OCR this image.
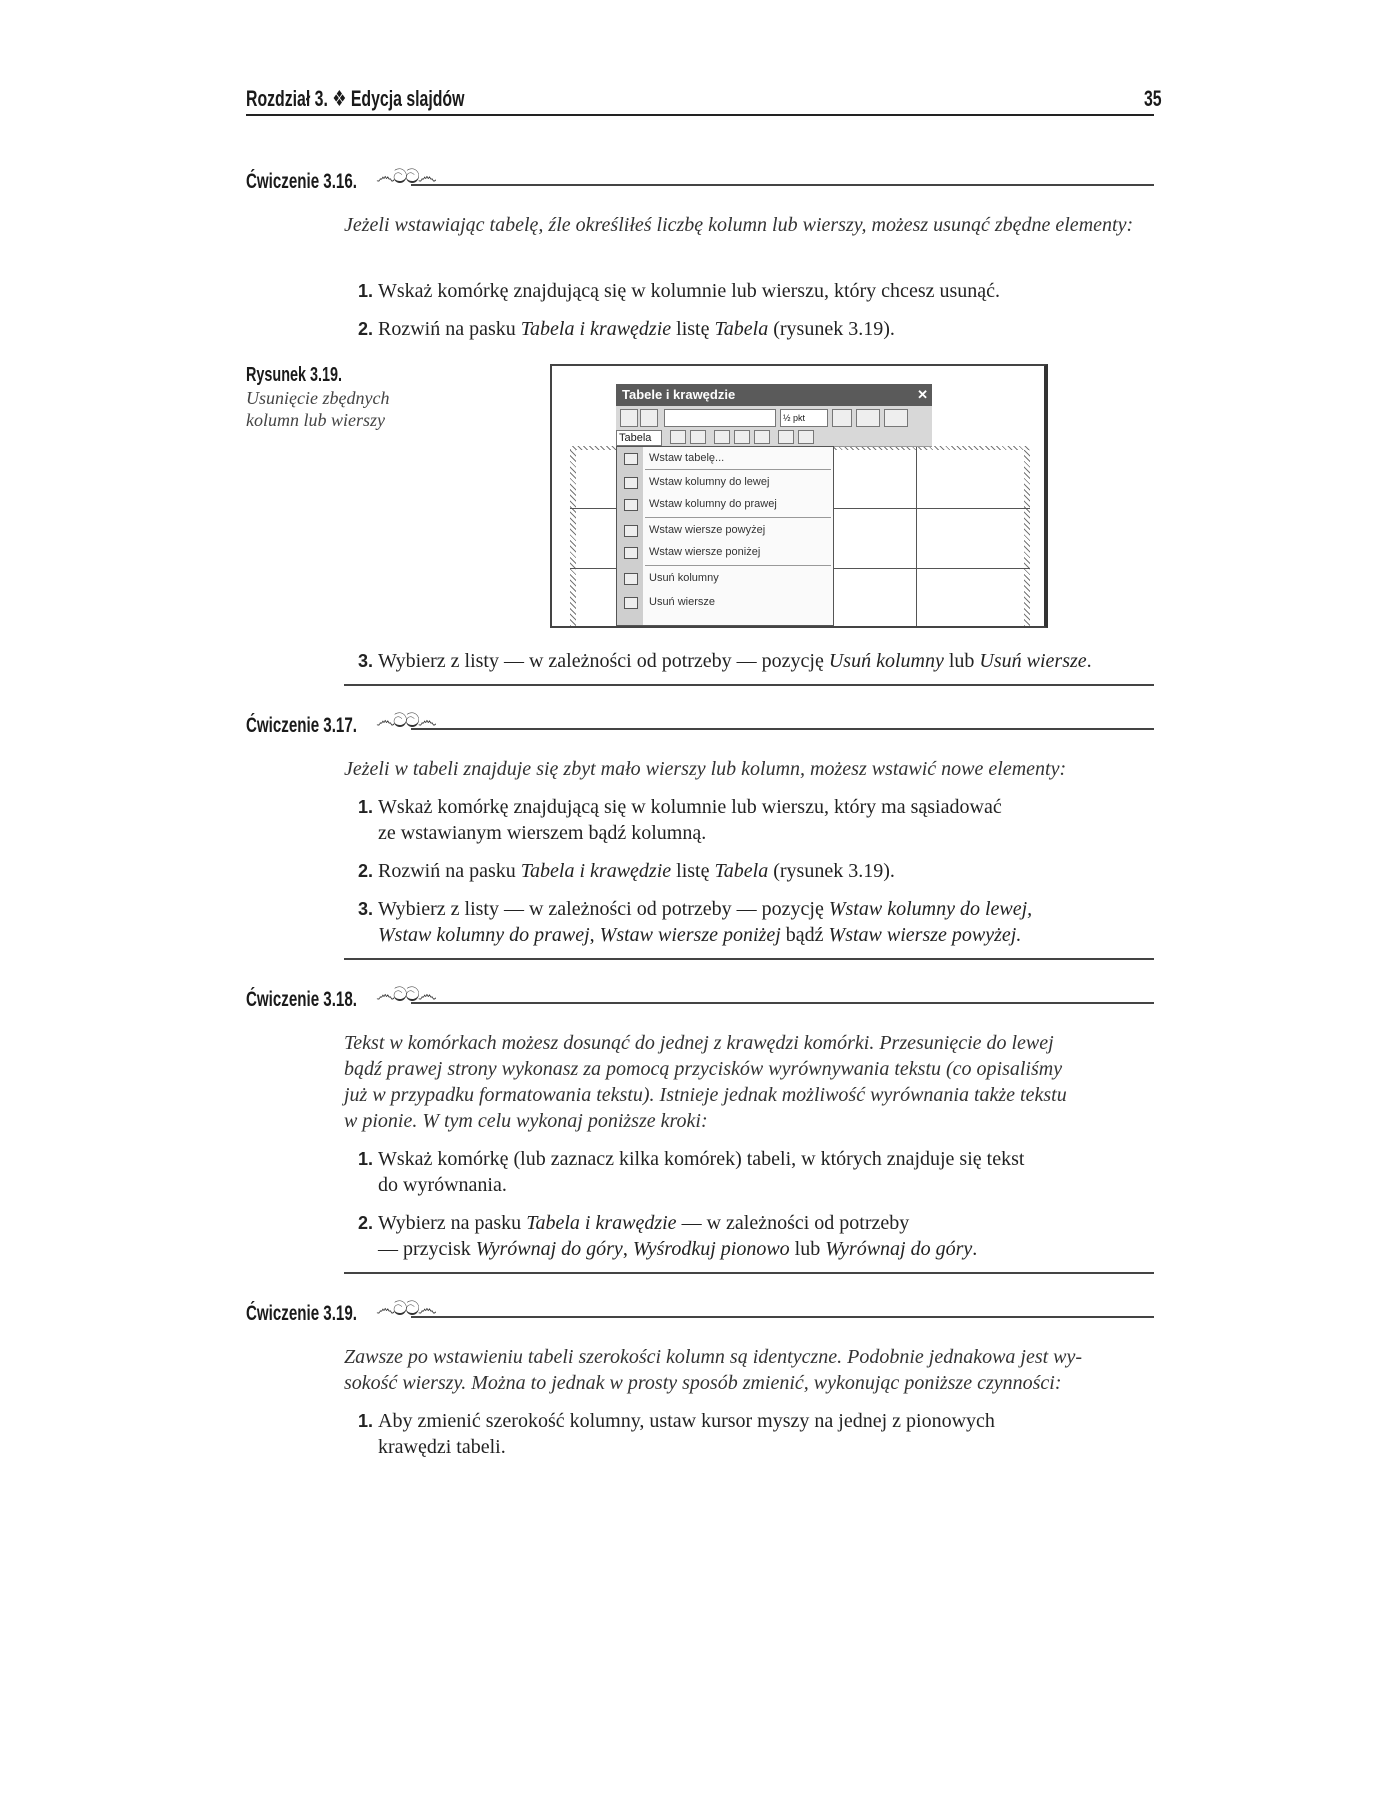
Rozdział 3. ❖ Edycja slajdów	35
Ćwiczenie 3.16. ෴ටට෴
Jeżeli wstawiając tabelę, źle określiłeś liczbę kolumn lub wierszy, możesz usunąć zbędne elementy:
1. Wskaż komórkę znajdującą się w kolumnie lub wierszu, który chcesz usunąć.
2. Rozwiń na pasku Tabela i krawędzie listę Tabela (rysunek 3.19).
Rysunek 3.19.
Usunięcie zbędnych
kolumn lub wierszy
Tabele i krawędzie	✕
½ pkt
Tabela
Wstaw tabelę...
Wstaw kolumny do lewej
Wstaw kolumny do prawej
Wstaw wiersze powyżej
Wstaw wiersze poniżej
Usuń kolumny
Usuń wiersze
3. Wybierz z listy — w zależności od potrzeby — pozycję Usuń kolumny lub Usuń wiersze.
Ćwiczenie 3.17. ෴ටට෴
Jeżeli w tabeli znajduje się zbyt mało wierszy lub kolumn, możesz wstawić nowe elementy:
1. Wskaż komórkę znajdującą się w kolumnie lub wierszu, który ma sąsiadować
ze wstawianym wierszem bądź kolumną.
2. Rozwiń na pasku Tabela i krawędzie listę Tabela (rysunek 3.19).
3. Wybierz z listy — w zależności od potrzeby — pozycję Wstaw kolumny do lewej,
Wstaw kolumny do prawej, Wstaw wiersze poniżej bądź Wstaw wiersze powyżej.
Ćwiczenie 3.18. ෴ටට෴
Tekst w komórkach możesz dosunąć do jednej z krawędzi komórki. Przesunięcie do lewej
bądź prawej strony wykonasz za pomocą przycisków wyrównywania tekstu (co opisaliśmy
już w przypadku formatowania tekstu). Istnieje jednak możliwość wyrównania także tekstu
w pionie. W tym celu wykonaj poniższe kroki:
1. Wskaż komórkę (lub zaznacz kilka komórek) tabeli, w których znajduje się tekst
do wyrównania.
2. Wybierz na pasku Tabela i krawędzie — w zależności od potrzeby
— przycisk Wyrównaj do góry, Wyśrodkuj pionowo lub Wyrównaj do góry.
Ćwiczenie 3.19. ෴ටට෴
Zawsze po wstawieniu tabeli szerokości kolumn są identyczne. Podobnie jednakowa jest wy-
sokość wierszy. Można to jednak w prosty sposób zmienić, wykonując poniższe czynności:
1. Aby zmienić szerokość kolumny, ustaw kursor myszy na jednej z pionowych
krawędzi tabeli.
